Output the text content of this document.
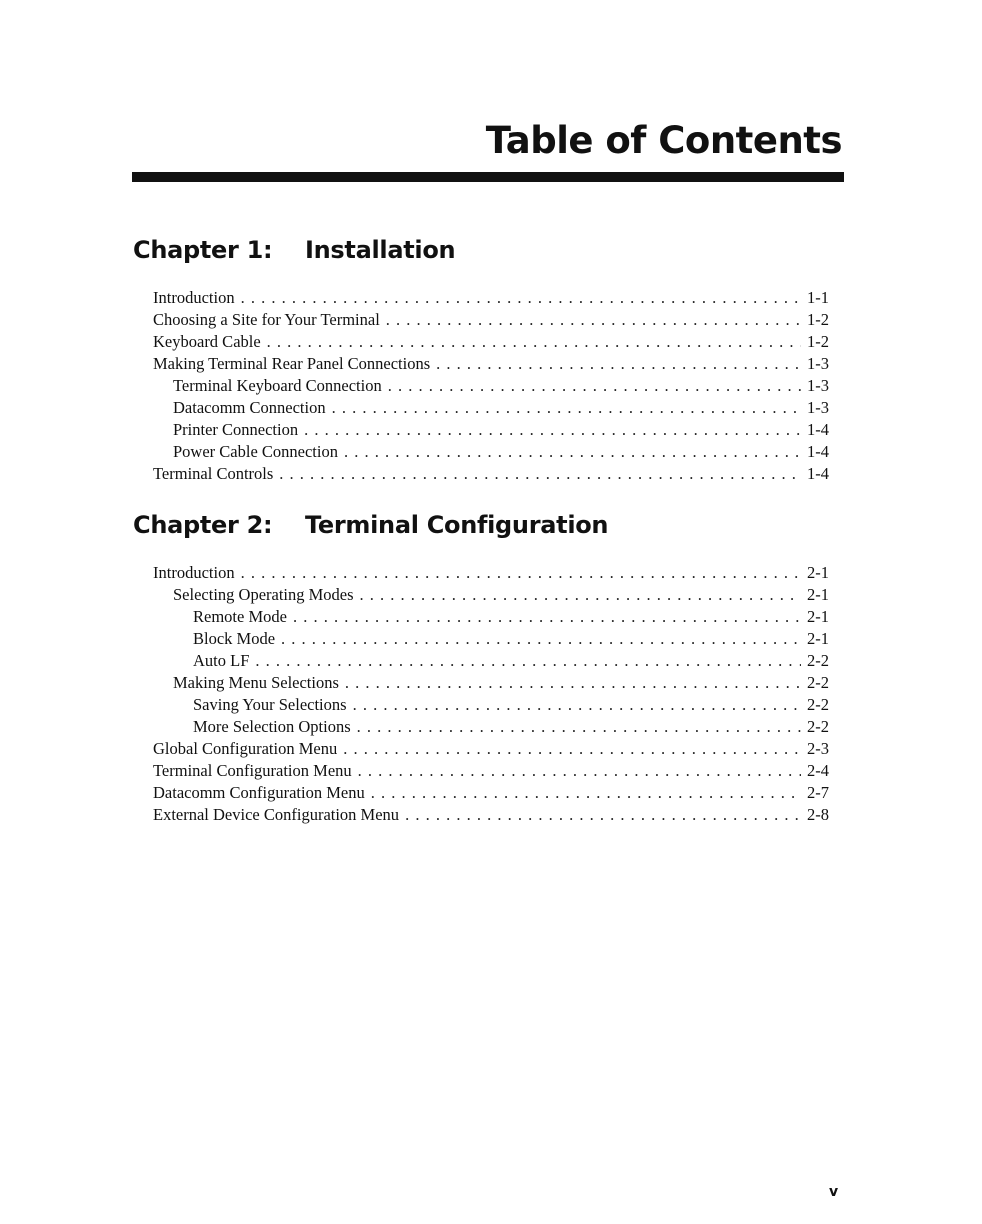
Table of Contents
Chapter 1: Installation
Introduction . . .	1-1
Choosing a Site for Your Terminal . . .	1-2
Keyboard Cable . . .	1-2
Making Terminal Rear Panel Connections . . .	1-3
Terminal Keyboard Connection . . .	1-3
Datacomm Connection . . .	1-3
Printer Connection . . .	1-4
Power Cable Connection . . .	1-4
Terminal Controls . . .	1-4
Chapter 2: Terminal Configuration
Introduction . . .	2-1
Selecting Operating Modes . . .	2-1
Remote Mode . . .	2-1
Block Mode . . .	2-1
Auto LF . . .	2-2
Making Menu Selections . . .	2-2
Saving Your Selections . . .	2-2
More Selection Options . . .	2-2
Global Configuration Menu . . .	2-3
Terminal Configuration Menu . . .	2-4
Datacomm Configuration Menu . . .	2-7
External Device Configuration Menu . . .	2-8

v
